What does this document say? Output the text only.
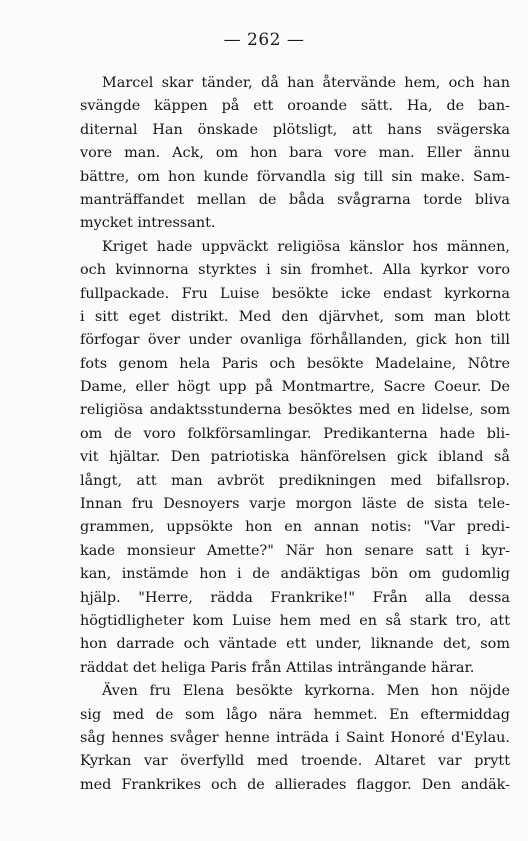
— 262 —
Marcel skar tänder, då han återvände hem, och han
svängde käppen på ett oroande sätt. Ha, de ban-
diternal Han önskade plötsligt, att hans svägerska
vore man. Ack, om hon bara vore man. Eller ännu
bättre, om hon kunde förvandla sig till sin make. Sam-
manträffandet mellan de båda svågrarna torde bliva
mycket intressant.
Kriget hade uppväckt religiösa känslor hos männen,
och kvinnorna styrktes i sin fromhet. Alla kyrkor voro
fullpackade. Fru Luise besökte icke endast kyrkorna
i sitt eget distrikt. Med den djärvhet, som man blott
förfogar över under ovanliga förhållanden, gick hon till
fots genom hela Paris och besökte Madelaine, Nôtre
Dame, eller högt upp på Montmartre, Sacre Coeur. De
religiösa andaktsstunderna besöktes med en lidelse, som
om de voro folkförsamlingar. Predikanterna hade bli-
vit hjältar. Den patriotiska hänförelsen gick ibland så
långt, att man avbröt predikningen med bifallsrop.
Innan fru Desnoyers varje morgon läste de sista tele-
grammen, uppsökte hon en annan notis: "Var predi-
kade monsieur Amette?" När hon senare satt i kyr-
kan, instämde hon i de andäktigas bön om gudomlig
hjälp. "Herre, rädda Frankrike!" Från alla dessa
högtidligheter kom Luise hem med en så stark tro, att
hon darrade och väntade ett under, liknande det, som
räddat det heliga Paris från Attilas inträngande härar.
Även fru Elena besökte kyrkorna. Men hon nöjde
sig med de som lågo nära hemmet. En eftermiddag
såg hennes svåger henne inträda i Saint Honoré d'Eylau.
Kyrkan var överfylld med troende. Altaret var prytt
med Frankrikes och de allierades flaggor. Den andäk-
